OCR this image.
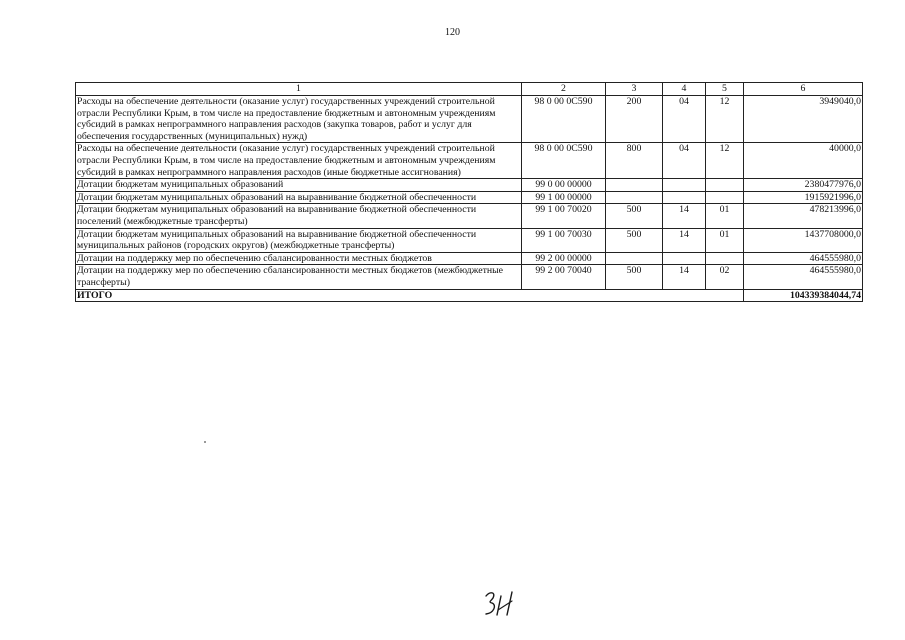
120
1	2	3	4	5	6
Расходы на обеспечение деятельности (оказание услуг) государственных учреждений строительной отрасли Республики Крым, в том числе на предоставление бюджетным и автономным учреждениям субсидий в рамках непрограммного направления расходов (закупка товаров, работ и услуг для обеспечения государственных (муниципальных) нужд)	98 0 00 0С590	200	04	12	3949040,0
Расходы на обеспечение деятельности (оказание услуг) государственных учреждений строительной отрасли Республики Крым, в том числе на предоставление бюджетным и автономным учреждениям субсидий в рамках непрограммного направления расходов (иные бюджетные ассигнования)	98 0 00 0С590	800	04	12	40000,0
Дотации бюджетам муниципальных образований	99 0 00 00000				2380477976,0
Дотации бюджетам муниципальных образований на выравнивание бюджетной обеспеченности	99 1 00 00000				1915921996,0
Дотации бюджетам муниципальных образований на выравнивание бюджетной обеспеченности поселений (межбюджетные трансферты)	99 1 00 70020	500	14	01	478213996,0
Дотации бюджетам муниципальных образований на выравнивание бюджетной обеспеченности муниципальных районов (городских округов) (межбюджетные трансферты)	99 1 00 70030	500	14	01	1437708000,0
Дотации на поддержку мер по обеспечению сбалансированности местных бюджетов	99 2 00 00000				464555980,0
Дотации на поддержку мер по обеспечению сбалансированности местных бюджетов (межбюджетные трансферты)	99 2 00 70040	500	14	02	464555980,0
ИТОГО					104339384044,74
